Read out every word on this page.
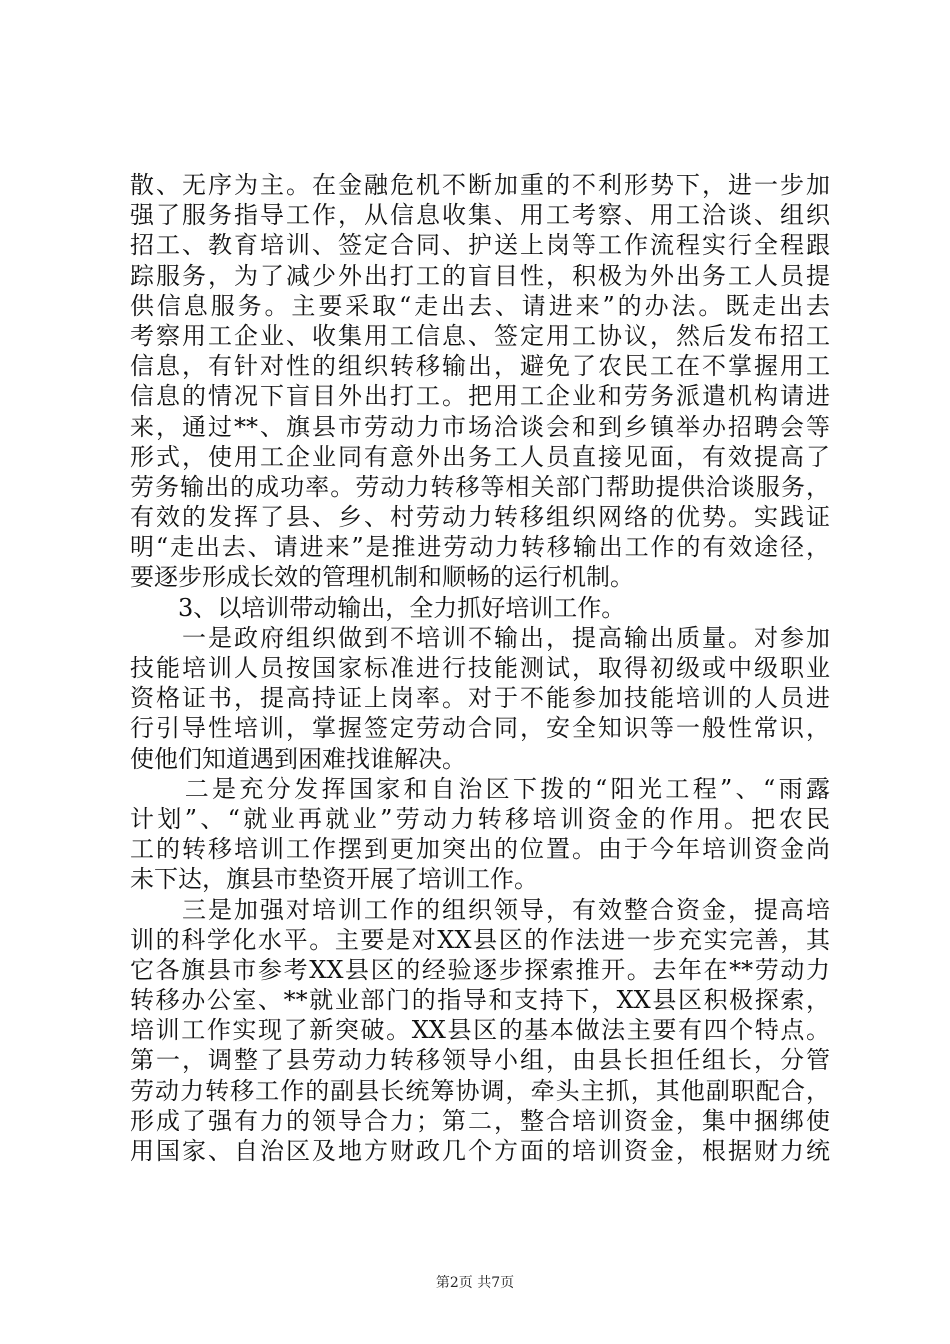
散、无序为主。在金融危机不断加重的不利形势下，进一步加
强了服务指导工作，从信息收集、用工考察、用工洽谈、组织
招工、教育培训、签定合同、护送上岗等工作流程实行全程跟
踪服务，为了减少外出打工的盲目性，积极为外出务工人员提
供信息服务。主要采取“走出去、请进来”的办法。既走出去
考察用工企业、收集用工信息、签定用工协议，然后发布招工
信息，有针对性的组织转移输出，避免了农民工在不掌握用工
信息的情况下盲目外出打工。把用工企业和劳务派遣机构请进
来，通过**、旗县市劳动力市场洽谈会和到乡镇举办招聘会等
形式，使用工企业同有意外出务工人员直接见面，有效提高了
劳务输出的成功率。劳动力转移等相关部门帮助提供洽谈服务，
有效的发挥了县、乡、村劳动力转移组织网络的优势。实践证
明“走出去、请进来”是推进劳动力转移输出工作的有效途径，
要逐步形成长效的管理机制和顺畅的运行机制。
　　3、以培训带动输出，全力抓好培训工作。
　　一是政府组织做到不培训不输出，提高输出质量。对参加
技能培训人员按国家标准进行技能测试，取得初级或中级职业
资格证书，提高持证上岗率。对于不能参加技能培训的人员进
行引导性培训，掌握签定劳动合同，安全知识等一般性常识，
使他们知道遇到困难找谁解决。
　　二是充分发挥国家和自治区下拨的“阳光工程”、“雨露
计划”、“就业再就业”劳动力转移培训资金的作用。把农民
工的转移培训工作摆到更加突出的位置。由于今年培训资金尚
未下达，旗县市垫资开展了培训工作。
　　三是加强对培训工作的组织领导，有效整合资金，提高培
训的科学化水平。主要是对XX县区的作法进一步充实完善，其
它各旗县市参考XX县区的经验逐步探索推开。去年在**劳动力
转移办公室、**就业部门的指导和支持下，XX县区积极探索，
培训工作实现了新突破。XX县区的基本做法主要有四个特点。
第一，调整了县劳动力转移领导小组，由县长担任组长，分管
劳动力转移工作的副县长统筹协调，牵头主抓，其他副职配合，
形成了强有力的领导合力；第二，整合培训资金，集中捆绑使
用国家、自治区及地方财政几个方面的培训资金，根据财力统
第2页 共7页
